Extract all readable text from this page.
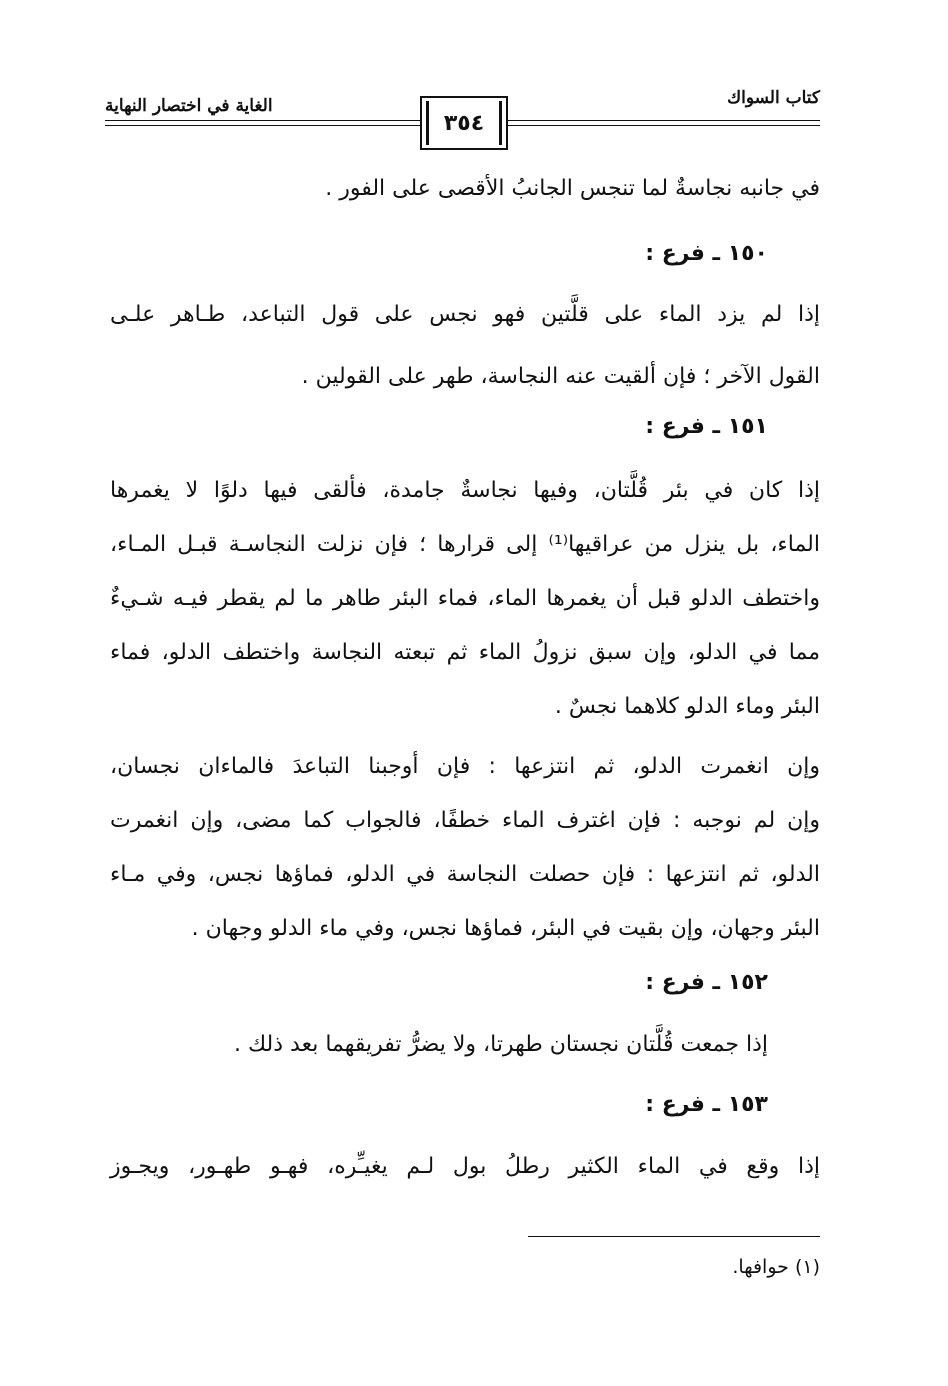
كتاب السواك
الغاية في اختصار النهاية
٣٥٤
في جانبه نجاسةٌ لما تنجس الجانبُ الأقصى على الفور .
١٥٠ ـ فرع :
إذا لم يزد الماء على قلَّتين فهو نجس على قول التباعد، طـاهر علـى
القول الآخر ؛ فإن ألقيت عنه النجاسة، طهر على القولين .
١٥١ ـ فرع :
إذا كان في بئر قُلَّتان، وفيها نجاسةٌ جامدة، فألقى فيها دلوًا لا يغمرها
الماء، بل ينزل من عراقيها⁽¹⁾ إلى قرارها ؛ فإن نزلت النجاسـة قبـل المـاء،
واختطف الدلو قبل أن يغمرها الماء، فماء البئر طاهر ما لم يقطر فيـه شـيءٌ
مما في الدلو، وإن سبق نزولُ الماء ثم تبعته النجاسة واختطف الدلو، فماء
البئر وماء الدلو كلاهما نجسٌ .
وإن انغمرت الدلو، ثم انتزعها : فإن أوجبنا التباعدَ فالماءان نجسان،
وإن لم نوجبه : فإن اغترف الماء خطفًا، فالجواب كما مضى، وإن انغمرت
الدلو، ثم انتزعها : فإن حصلت النجاسة في الدلو، فماؤها نجس، وفي مـاء
البئر وجهان، وإن بقيت في البئر، فماؤها نجس، وفي ماء الدلو وجهان .
١٥٢ ـ فرع :
إذا جمعت قُلَّتان نجستان طهرتا، ولا يضرُّ تفريقهما بعد ذلك .
١٥٣ ـ فرع :
إذا وقع في الماء الكثير رطلُ بول لـم يغيـِّره، فهـو طهـور، ويجـوز
(١) حوافها.
